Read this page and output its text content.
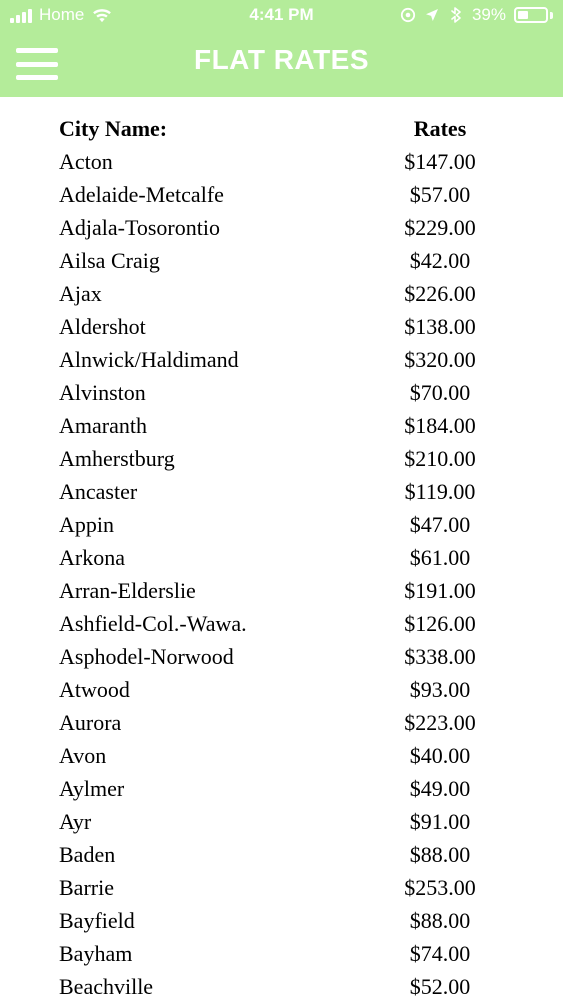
Home	4:41 PM	39%
FLAT RATES
City Name:	Rates
Acton	$147.00
Adelaide-Metcalfe	$57.00
Adjala-Tosorontio	$229.00
Ailsa Craig	$42.00
Ajax	$226.00
Aldershot	$138.00
Alnwick/Haldimand	$320.00
Alvinston	$70.00
Amaranth	$184.00
Amherstburg	$210.00
Ancaster	$119.00
Appin	$47.00
Arkona	$61.00
Arran-Elderslie	$191.00
Ashfield-Col.-Wawa.	$126.00
Asphodel-Norwood	$338.00
Atwood	$93.00
Aurora	$223.00
Avon	$40.00
Aylmer	$49.00
Ayr	$91.00
Baden	$88.00
Barrie	$253.00
Bayfield	$88.00
Bayham	$74.00
Beachville	$52.00
